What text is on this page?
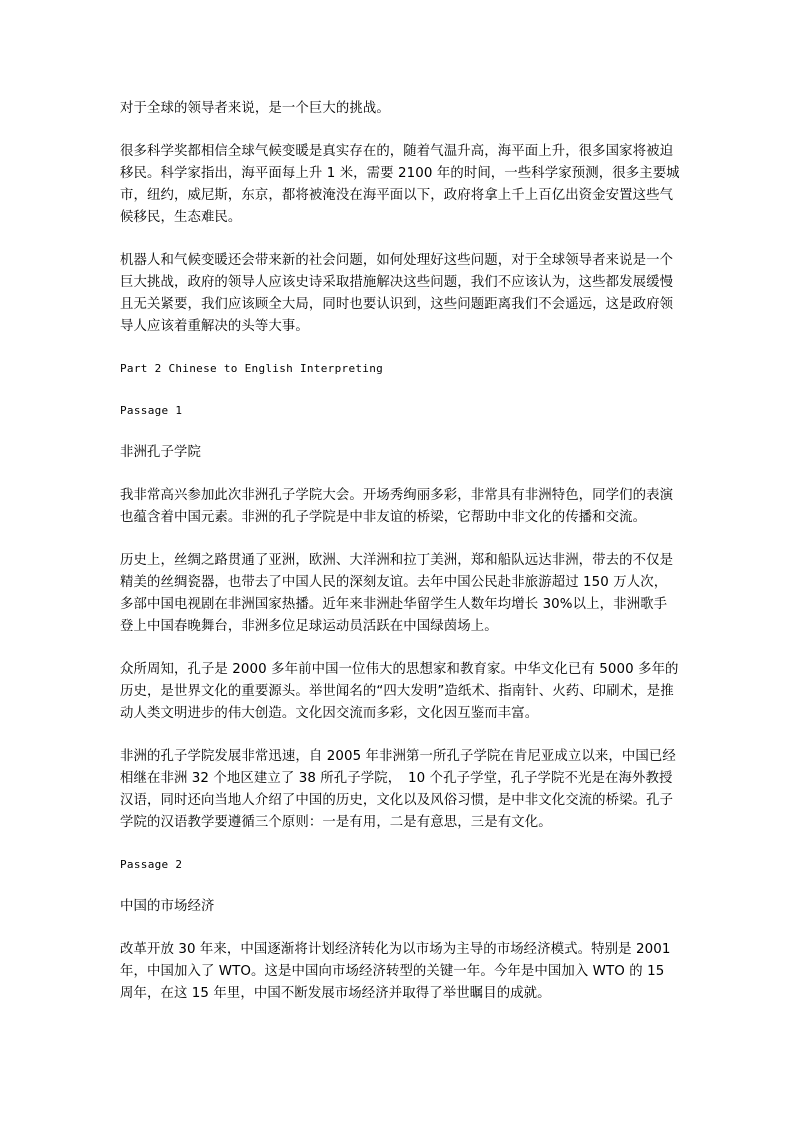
对于全球的领导者来说，是一个巨大的挑战。

很多科学奖都相信全球气候变暖是真实存在的，随着气温升高，海平面上升，很多国家将被迫移民。科学家指出，海平面每上升 1 米，需要 2100 年的时间，一些科学家预测，很多主要城市，纽约，威尼斯，东京，都将被淹没在海平面以下，政府将拿上千上百亿出资金安置这些气候移民，生态难民。

机器人和气候变暖还会带来新的社会问题，如何处理好这些问题，对于全球领导者来说是一个巨大挑战，政府的领导人应该史诗采取措施解决这些问题，我们不应该认为，这些都发展缓慢且无关紧要，我们应该顾全大局，同时也要认识到，这些问题距离我们不会遥远，这是政府领导人应该着重解决的头等大事。

Part 2 Chinese to English Interpreting

Passage 1

非洲孔子学院

我非常高兴参加此次非洲孔子学院大会。开场秀绚丽多彩，非常具有非洲特色，同学们的表演也蕴含着中国元素。非洲的孔子学院是中非友谊的桥梁，它帮助中非文化的传播和交流。

历史上，丝绸之路贯通了亚洲，欧洲、大洋洲和拉丁美洲，郑和船队远达非洲，带去的不仅是精美的丝绸瓷器，也带去了中国人民的深刻友谊。去年中国公民赴非旅游超过 150 万人次，多部中国电视剧在非洲国家热播。近年来非洲赴华留学生人数年均增长 30%以上，非洲歌手登上中国春晚舞台，非洲多位足球运动员活跃在中国绿茵场上。

众所周知，孔子是 2000 多年前中国一位伟大的思想家和教育家。中华文化已有 5000 多年的历史，是世界文化的重要源头。举世闻名的“四大发明”造纸术、指南针、火药、印刷术，是推动人类文明进步的伟大创造。文化因交流而多彩，文化因互鉴而丰富。

非洲的孔子学院发展非常迅速，自 2005 年非洲第一所孔子学院在肯尼亚成立以来，中国已经相继在非洲 32 个地区建立了 38 所孔子学院，　10 个孔子学堂，孔子学院不光是在海外教授汉语，同时还向当地人介绍了中国的历史，文化以及风俗习惯，是中非文化交流的桥梁。孔子学院的汉语教学要遵循三个原则：一是有用，二是有意思，三是有文化。

Passage 2

中国的市场经济

改革开放 30 年来，中国逐渐将计划经济转化为以市场为主导的市场经济模式。特别是 2001 年，中国加入了 WTO。这是中国向市场经济转型的关键一年。今年是中国加入 WTO 的 15 周年，在这 15 年里，中国不断发展市场经济并取得了举世瞩目的成就。
